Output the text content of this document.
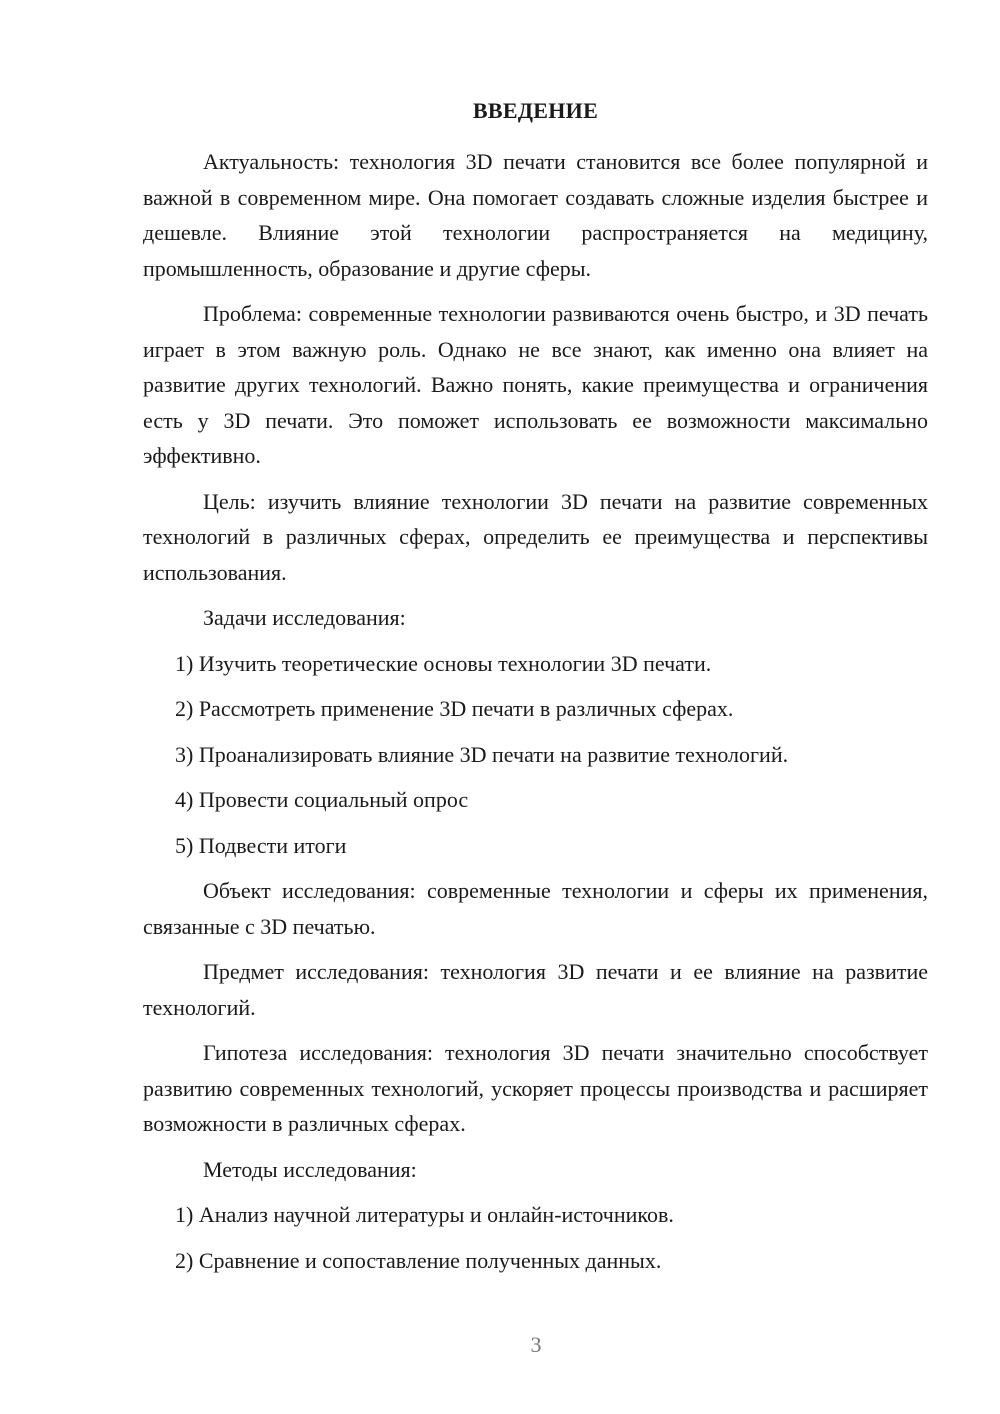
ВВЕДЕНИЕ

Актуальность: технология 3D печати становится все более популярной и важной в современном мире. Она помогает создавать сложные изделия быстрее и дешевле. Влияние этой технологии распространяется на медицину, промышленность, образование и другие сферы.

Проблема: современные технологии развиваются очень быстро, и 3D печать играет в этом важную роль. Однако не все знают, как именно она влияет на развитие других технологий. Важно понять, какие преимущества и ограничения есть у 3D печати. Это поможет использовать ее возможности максимально эффективно.

Цель: изучить влияние технологии 3D печати на развитие современных технологий в различных сферах, определить ее преимущества и перспективы использования.

Задачи исследования:

1) Изучить теоретические основы технологии 3D печати.
2) Рассмотреть применение 3D печати в различных сферах.
3) Проанализировать влияние 3D печати на развитие технологий.
4) Провести социальный опрос
5) Подвести итоги

Объект исследования: современные технологии и сферы их применения, связанные с 3D печатью.

Предмет исследования: технология 3D печати и ее влияние на развитие технологий.

Гипотеза исследования: технология 3D печати значительно способствует развитию современных технологий, ускоряет процессы производства и расширяет возможности в различных сферах.

Методы исследования:

1) Анализ научной литературы и онлайн-источников.
2) Сравнение и сопоставление полученных данных.
3
